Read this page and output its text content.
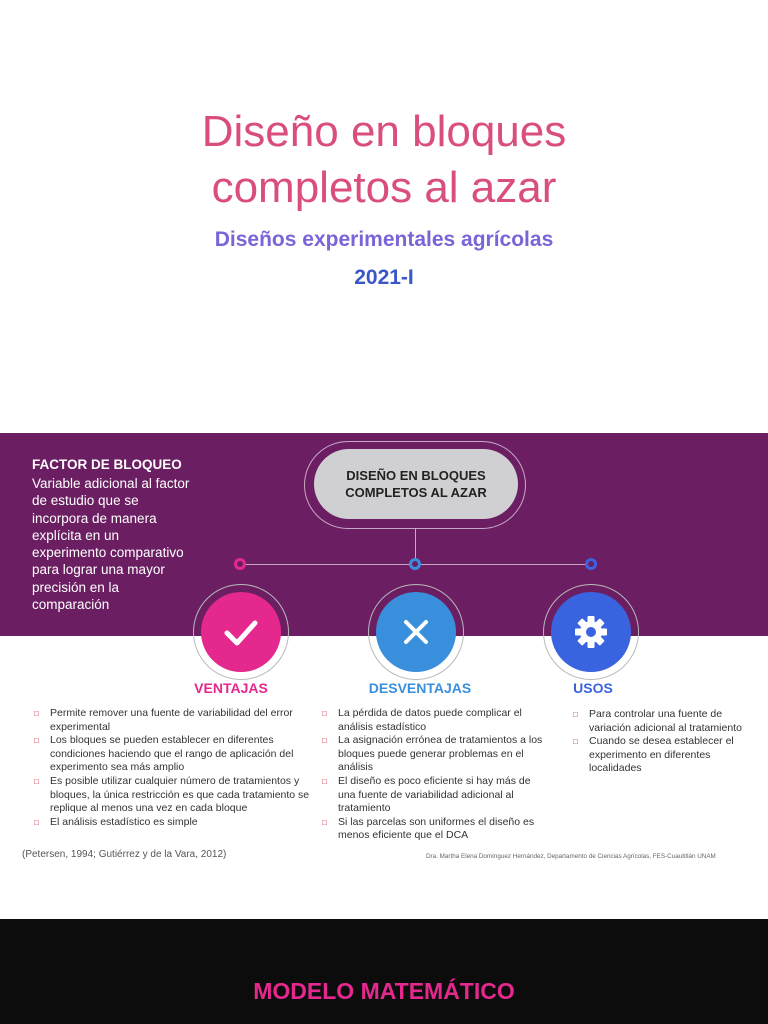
Diseño en bloques
completos al azar
Diseños experimentales agrícolas
2021-I
FACTOR DE BLOQUEO
Variable adicional al factor de estudio que se incorpora de manera explícita en un experimento comparativo para lograr una mayor precisión en la comparación
DISEÑO EN BLOQUES
COMPLETOS AL AZAR
VENTAJAS	DESVENTAJAS	USOS
□ Permite remover una fuente de variabilidad del error experimental
□ Los bloques se pueden establecer en diferentes condiciones haciendo que el rango de aplicación del experimento sea más amplio
□ Es posible utilizar cualquier número de tratamientos y bloques, la única restricción es que cada tratamiento se replique al menos una vez en cada bloque
□ El análisis estadístico es simple
□ La pérdida de datos puede complicar el análisis estadístico
□ La asignación errónea de tratamientos a los bloques puede generar problemas en el análisis
□ El diseño es poco eficiente si hay más de una fuente de variabilidad adicional al tratamiento
□ Si las parcelas son uniformes el diseño es menos eficiente que el DCA
□ Para controlar una fuente de variación adicional al tratamiento
□ Cuando se desea establecer el experimento en diferentes localidades
(Petersen, 1994; Gutiérrez y de la Vara, 2012)	Dra. Martha Elena Domínguez Hernández, Departamento de Ciencias Agrícolas, FES-Cuautitlán UNAM
MODELO MATEMÁTICO
